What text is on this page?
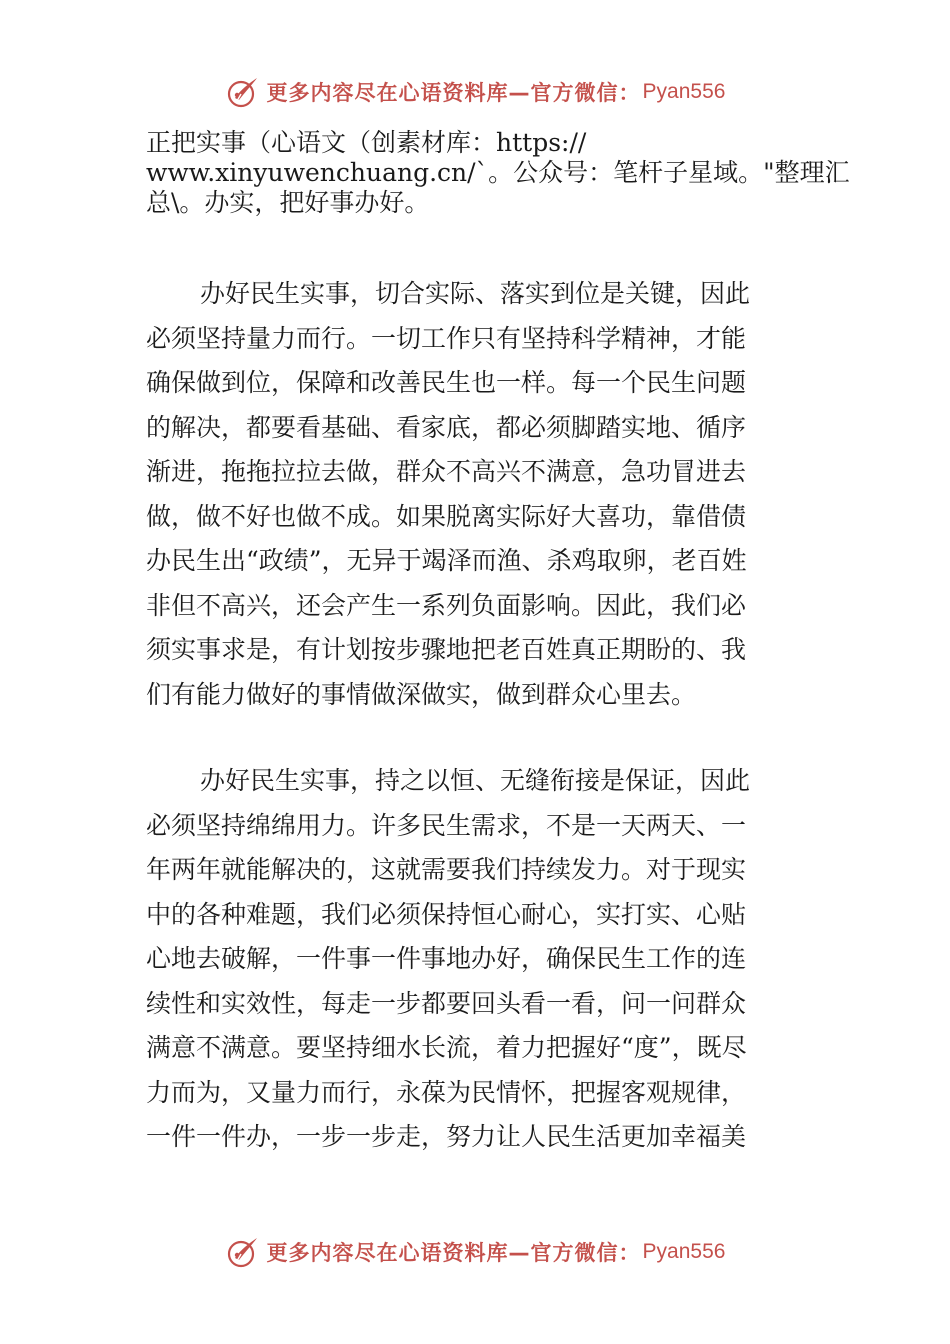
更多内容尽在心语资料库— 官方微信： Pyan556

正把实事（心语文（创素材库：https://

www.xinyuwenchuang.cn/`。公众号：笔杆子星域。"整理汇

总\。办实，把好事办好。

办好民生实事，切合实际、落实到位是关键，因此
必须坚持量力而行。一切工作只有坚持科学精神，才能
确保做到位，保障和改善民生也一样。每一个民生问题
的解决，都要看基础、看家底，都必须脚踏实地、循序
渐进，拖拖拉拉去做，群众不高兴不满意，急功冒进去
做，做不好也做不成。如果脱离实际好大喜功，靠借债
办民生出“政绩”，无异于竭泽而渔、杀鸡取卵，老百姓
非但不高兴，还会产生一系列负面影响。因此，我们必
须实事求是，有计划按步骤地把老百姓真正期盼的、我
们有能力做好的事情做深做实，做到群众心里去。

办好民生实事，持之以恒、无缝衔接是保证，因此
必须坚持绵绵用力。许多民生需求，不是一天两天、一
年两年就能解决的，这就需要我们持续发力。对于现实
中的各种难题，我们必须保持恒心耐心，实打实、心贴
心地去破解，一件事一件事地办好，确保民生工作的连
续性和实效性，每走一步都要回头看一看，问一问群众
满意不满意。要坚持细水长流，着力把握好“度”，既尽
力而为，又量力而行，永葆为民情怀，把握客观规律，
一件一件办，一步一步走，努力让人民生活更加幸福美

更多内容尽在心语资料库— 官方微信： Pyan556
